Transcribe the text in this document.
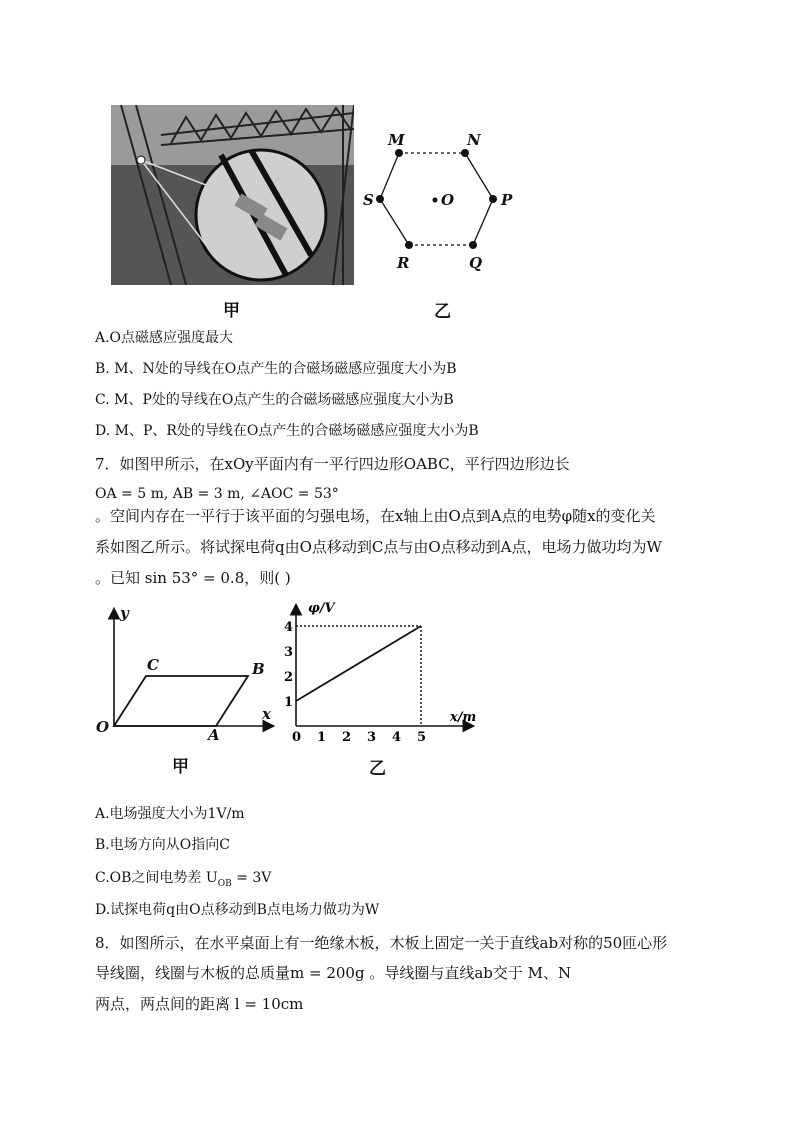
甲
M	N
S	O	P
R	Q
乙
A.O点磁感应强度最大
B. M、N处的导线在O点产生的合磁场磁感应强度大小为B
C. M、P处的导线在O点产生的合磁场磁感应强度大小为B
D. M、P、R处的导线在O点产生的合磁场磁感应强度大小为B
7．如图甲所示，在xOy平面内有一平行四边形OABC，平行四边形边长
OA = 5 m, AB = 3 m, ∠AOC = 53°
。空间内存在一平行于该平面的匀强电场，在x轴上由O点到A点的电势φ随x的变化关
系如图乙所示。将试探电荷q由O点移动到C点与由O点移动到A点，电场力做功均为W
。已知 sin 53° = 0.8，则( )
y
x
O	A
B
C
甲
0 1 2 3 4 5
1
2
3
4
φ/V
x/m
乙
A.电场强度大小为1V/m
B.电场方向从O指向C
C.OB之间电势差 $U_{OB} = 3V$
D.试探电荷q由O点移动到B点电场力做功为W
8．如图所示，在水平桌面上有一绝缘木板，木板上固定一关于直线ab对称的50匝心形
导线圈，线圈与木板的总质量m = 200g 。导线圈与直线ab交于 M、N
两点，两点间的距离 l = 10cm
